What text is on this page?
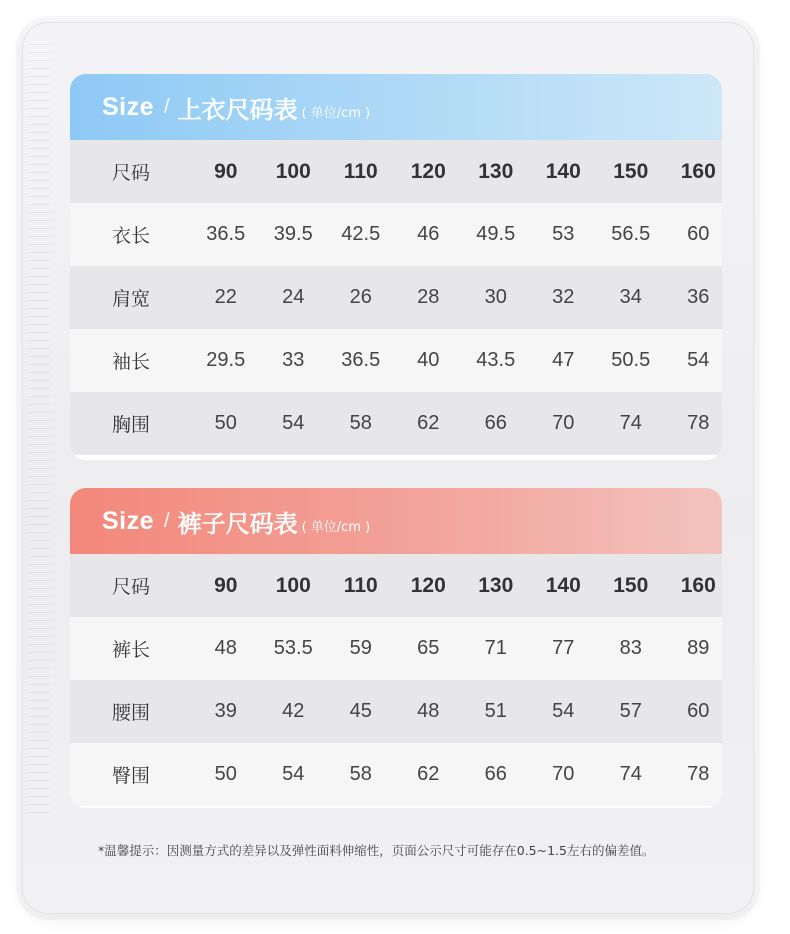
Size / 上衣尺码表 ( 单位/cm )
尺码	90	100	110	120	130	140	150	160
衣长	36.5	39.5	42.5	46	49.5	53	56.5	60
肩宽	22	24	26	28	30	32	34	36
袖长	29.5	33	36.5	40	43.5	47	50.5	54
胸围	50	54	58	62	66	70	74	78
Size / 裤子尺码表 ( 单位/cm )
尺码	90	100	110	120	130	140	150	160
裤长	48	53.5	59	65	71	77	83	89
腰围	39	42	45	48	51	54	57	60
臀围	50	54	58	62	66	70	74	78
*温馨提示：因测量方式的差异以及弹性面料伸缩性，页面公示尺寸可能存在0.5~1.5左右的偏差值。
